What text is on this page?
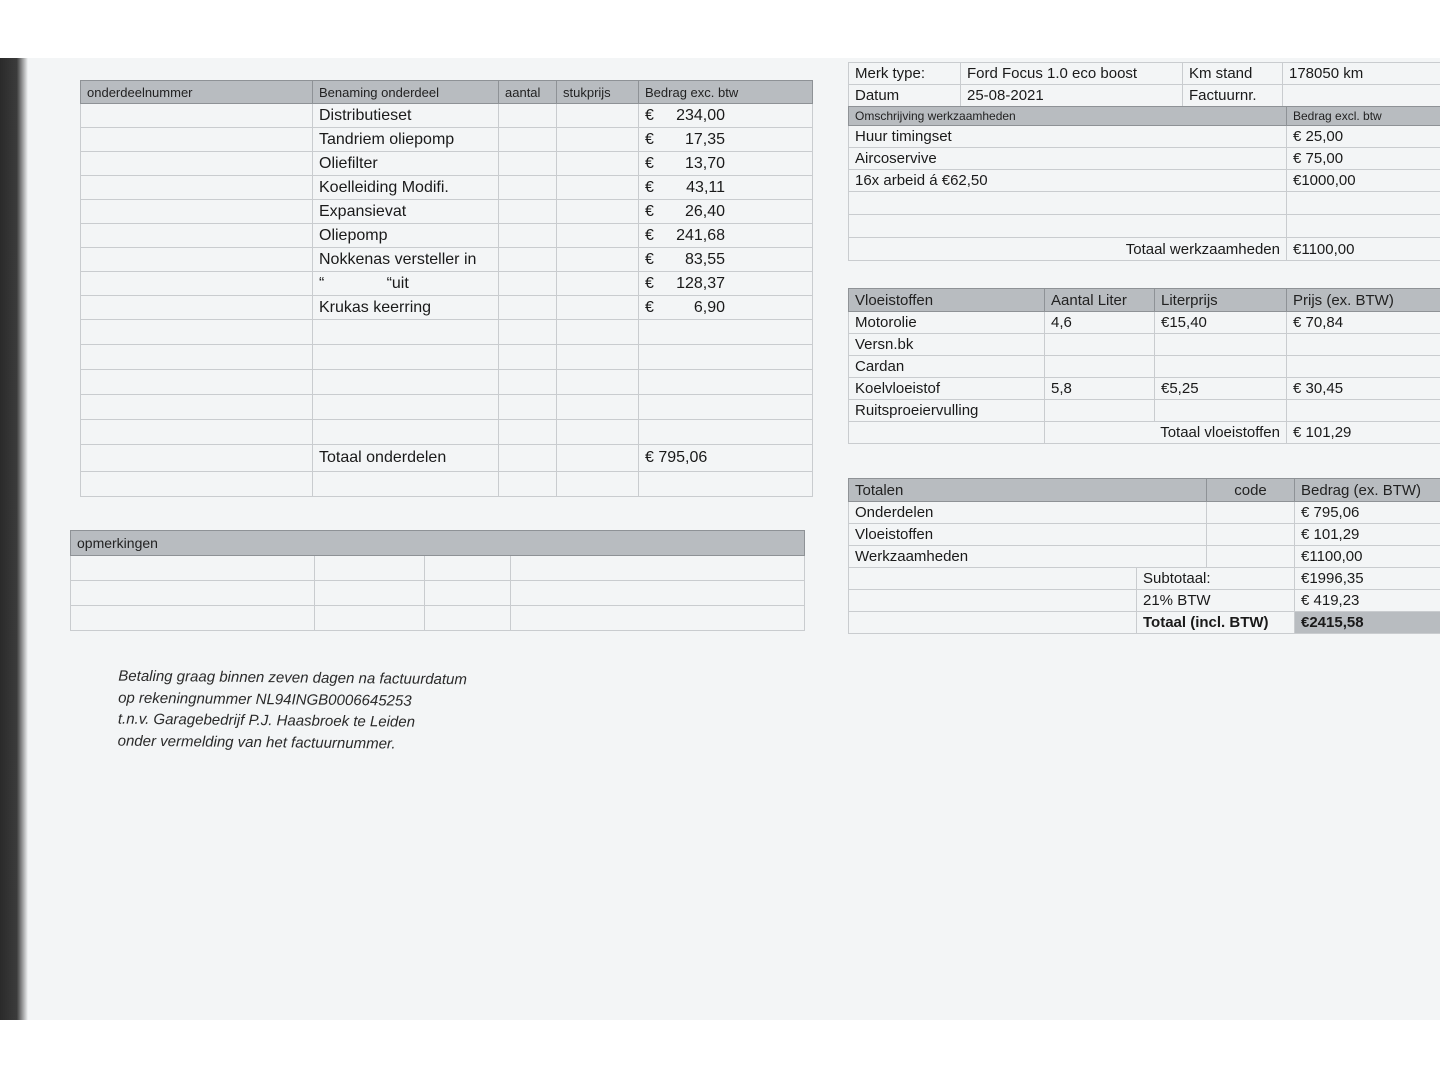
onderdeelnummer	Benaming onderdeel	aantal	stukprijs	Bedrag exc. btw
	Distributieset			€ 234,00
	Tandriem oliepomp			€ 17,35
	Oliefilter			€ 13,70
	Koelleiding Modifi.			€ 43,11
	Expansievat			€ 26,40
	Oliepomp			€ 241,68
	Nokkenas versteller in			€ 83,55
	“              “uit			€ 128,37
	Krukas keerring			€ 6,90

	Totaal onderdelen			€ 795,06

opmerkingen			

Merk type:	Ford Focus 1.0 eco boost	Km stand	178050 km
Datum	25-08-2021	Factuurnr.	
Omschrijving werkzaamheden	Bedrag excl. btw
Huur timingset	€ 25,00
Aircoservive	€ 75,00
16x arbeid á €62,50	€1000,00

Totaal werkzaamheden	€1100,00
Vloeistoffen	Aantal Liter	Literprijs	Prijs (ex. BTW)
Motorolie	4,6	€15,40	€ 70,84
Versn.bk			
Cardan			
Koelvloeistof	5,8	€5,25	€ 30,45
Ruitsproeiervulling			
	Totaal vloeistoffen		€ 101,29
Totalen		code	Bedrag (ex. BTW)
Onderdelen			€ 795,06
Vloeistoffen			€ 101,29
Werkzaamheden			€1100,00
	Subtotaal:		€1996,35
	21% BTW		€ 419,23
	Totaal (incl. BTW)		€2415,58
Betaling graag binnen zeven dagen na factuurdatum
op rekeningnummer NL94INGB0006645253
t.n.v. Garagebedrijf P.J. Haasbroek te Leiden
onder vermelding van het factuurnummer.
